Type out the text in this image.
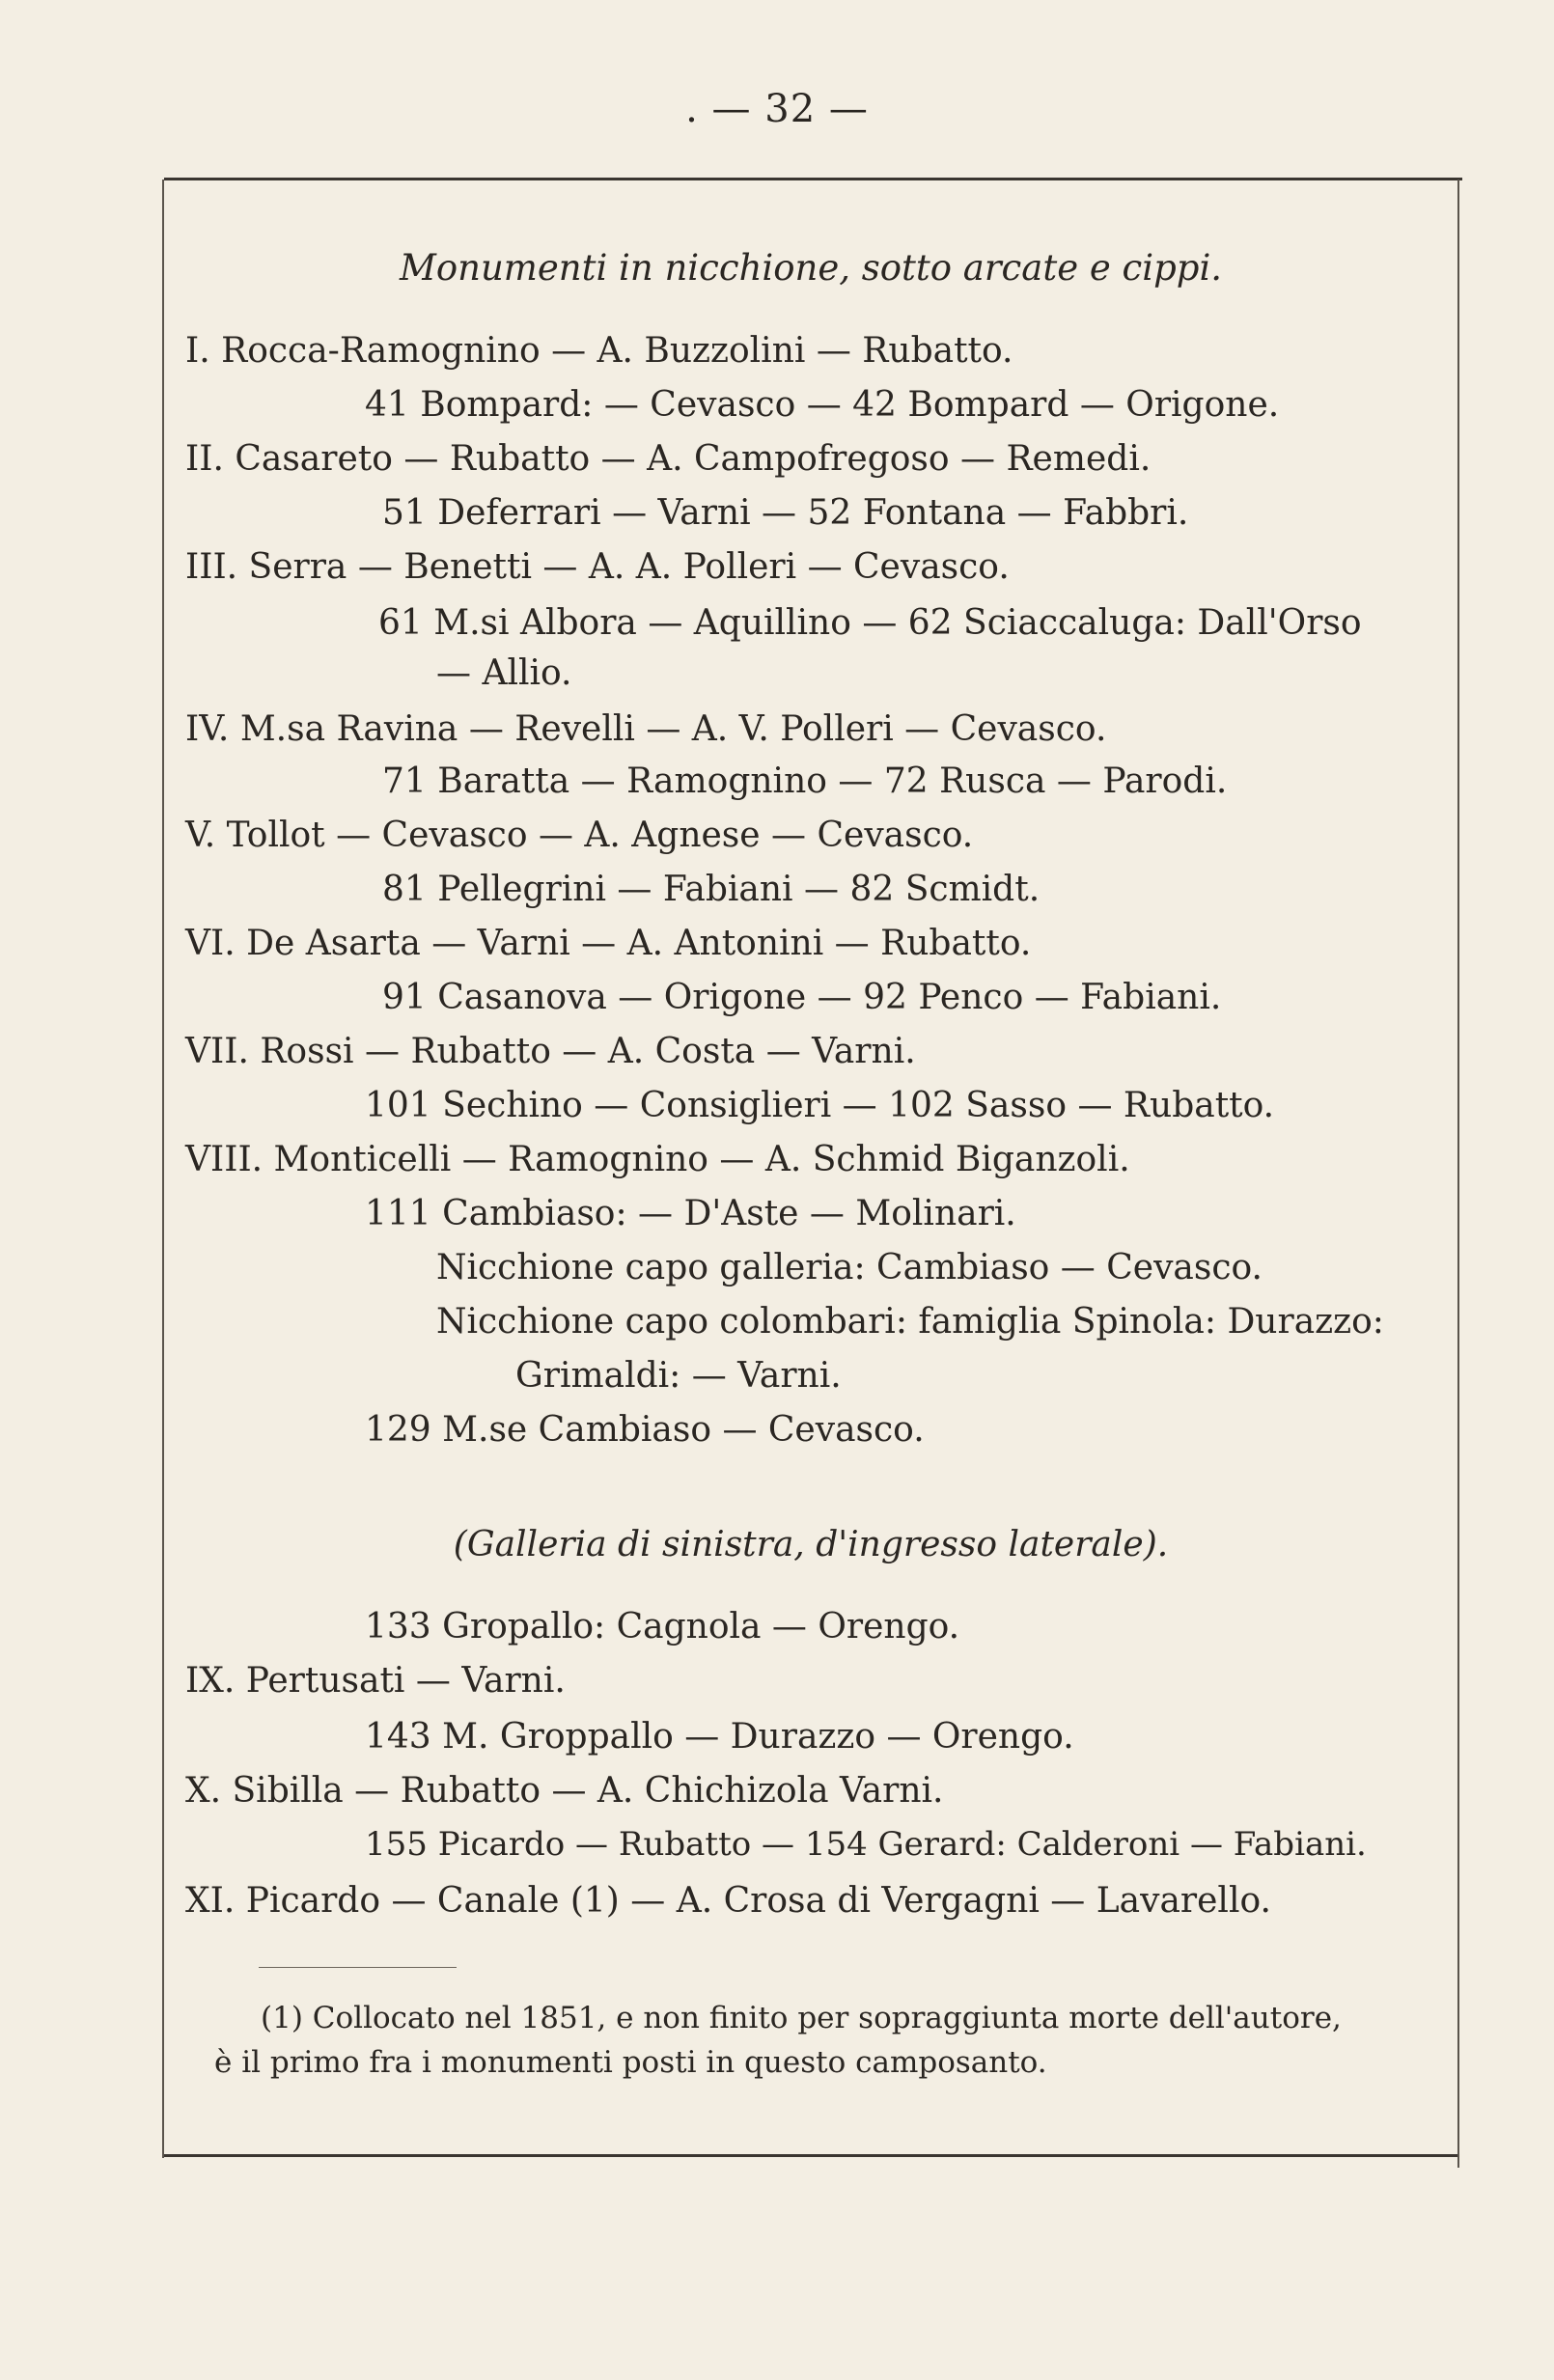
. — 32 —
Monumenti in nicchione, sotto arcate e cippi.
I. Rocca-Ramognino — A. Buzzolini — Rubatto.
41 Bompard: — Cevasco — 42 Bompard — Origone.
II. Casareto — Rubatto — A. Campofregoso — Remedi.
51 Deferrari — Varni — 52 Fontana — Fabbri.
III. Serra — Benetti — A. A. Polleri — Cevasco.
61 M.si Albora — Aquillino — 62 Sciaccaluga: Dall'Orso
— Allio.
IV. M.sa Ravina — Revelli — A. V. Polleri — Cevasco.
71 Baratta — Ramognino — 72 Rusca — Parodi.
V. Tollot — Cevasco — A. Agnese — Cevasco.
81 Pellegrini — Fabiani — 82 Scmidt.
VI. De Asarta — Varni — A. Antonini — Rubatto.
91 Casanova — Origone — 92 Penco — Fabiani.
VII. Rossi — Rubatto — A. Costa — Varni.
101 Sechino — Consiglieri — 102 Sasso — Rubatto.
VIII. Monticelli — Ramognino — A. Schmid Biganzoli.
111 Cambiaso: — D'Aste — Molinari.
Nicchione capo galleria: Cambiaso — Cevasco.
Nicchione capo colombari: famiglia Spinola: Durazzo:
Grimaldi: — Varni.
129 M.se Cambiaso — Cevasco.
(Galleria di sinistra, d'ingresso laterale).
133 Gropallo: Cagnola — Orengo.
IX. Pertusati — Varni.
143 M. Groppallo — Durazzo — Orengo.
X. Sibilla — Rubatto — A. Chichizola Varni.
155 Picardo — Rubatto — 154 Gerard: Calderoni — Fabiani.
XI. Picardo — Canale (1) — A. Crosa di Vergagni — Lavarello.
(1) Collocato nel 1851, e non finito per sopraggiunta morte dell'autore,
è il primo fra i monumenti posti in questo camposanto.
